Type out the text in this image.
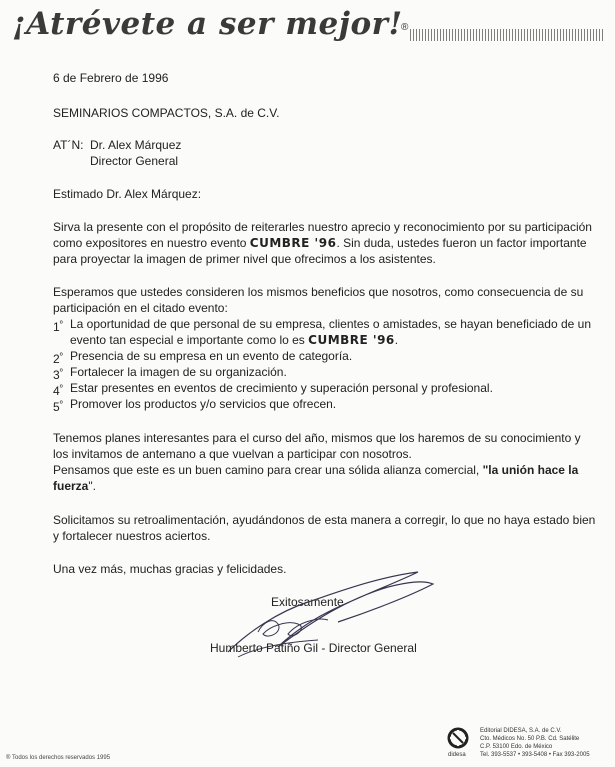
¡Atrévete a ser mejor!
®
6 de Febrero de 1996
SEMINARIOS COMPACTOS, S.A. de C.V.
AT´N: Dr. Alex Márquez
Director General
Estimado Dr. Alex Márquez:
Sirva la presente con el propósito de reiterarles nuestro aprecio y reconocimiento por su participación
como expositores en nuestro evento CUMBRE '96. Sin duda, ustedes fueron un factor importante
para proyectar la imagen de primer nivel que ofrecimos a los asistentes.
Esperamos que ustedes consideren los mismos beneficios que nosotros, como consecuencia de su
participación en el citado evento:
$1^º$ La oportunidad de que personal de su empresa, clientes o amistades, se hayan beneficiado de un
evento tan especial e importante como lo es CUMBRE '96.
$2^º$ Presencia de su empresa en un evento de categoría.
$3^º$ Fortalecer la imagen de su organización.
$4^º$ Estar presentes en eventos de crecimiento y superación personal y profesional.
$5^º$ Promover los productos y/o servicios que ofrecen.
Tenemos planes interesantes para el curso del año, mismos que los haremos de su conocimiento y
los invitamos de antemano a que vuelvan a participar con nosotros.
Pensamos que este es un buen camino para crear una sólida alianza comercial, "la unión hace la
fuerza".
Solicitamos su retroalimentación, ayudándonos de esta manera a corregir, lo que no haya estado bien
y fortalecer nuestros aciertos.
Una vez más, muchas gracias y felicidades.
Exitosamente
Humberto Patiño Gil - Director General
didesa
Editorial DIDESA, S.A. de C.V.
Cto. Médicos No. 50 P.B. Cd. Satélite
C.P. 53100 Edo. de México
Tel. 393-5537 • 393-5408 • Fax 393-2005
® Todos los derechos reservados 1995
